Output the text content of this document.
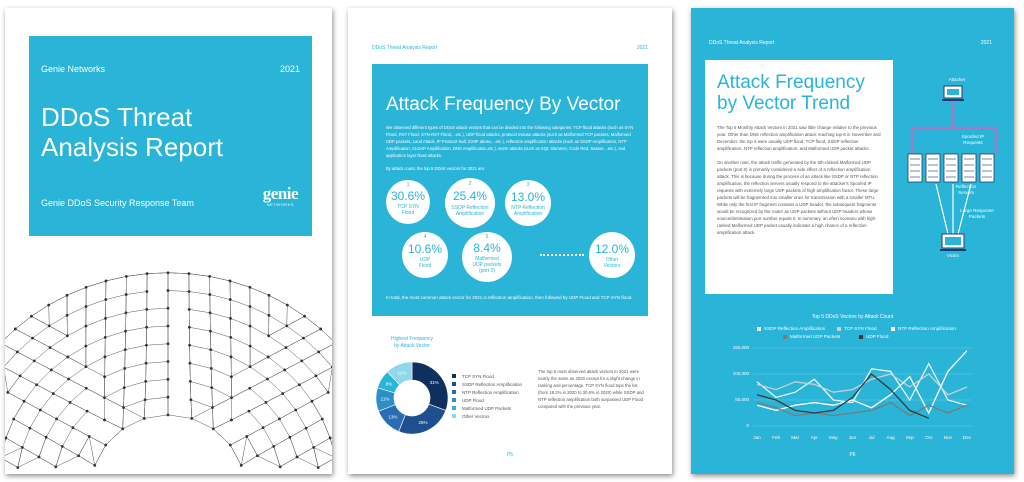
Genie Networks	2021
DDoS Threat
Analysis Report
Genie DDoS Security Response Team	genie
NETWORKS
DDoS Threat Analysis Report	2021
Attack Frequency By Vector
We observed different types of DDoS attack vectors that can be divided into the following categories: TCP flood attacks (such as SYN Flood, RST Flood, SYN-RST Flood,...etc.), UDP flood attacks, protocol misuse attacks (such as Malformed TCP packets, Malformed UDP packets, Land Attack, IP Protocol Null, ICMP abuse,...etc.), reflection amplification attacks (such as SSDP Amplification, NTP Amplification, CLDAP Amplification, DNS Amplification,etc.), worm attacks (such as SQL Slammer, Code Red, Sasser,...etc.), and application layer flood attacks.
By attack count, the top 5 DDoS vectors for 2021 are:
1
30.6%
TCP SYN
Flood
2
25.4%
SSDP Reflection
Amplification
3
13.0%
NTP Reflection
Amplification
4
10.6%
UDP
Flood
5
8.4%
Malformed
UDP packets
(port 0)
12.0%
Other
Vectors
In total, the most common attack vector for 2021 is reflection amplification, then followed by UDP Flood and TCP SYN flood.
Highest Frequency
by Attack Vector
31%
25%
13%
11%
8%
12%
TCP SYN Flood
SSDP Reflection Amplification
NTP Reflection Amplification
UDP Flood
Malformed UDP Packets
Other Vectors
The top 5 most observed attack vectors in 2021 were nearly the same as 2020 except for a slight change in ranking and percentage. TCP SYN flood tops the list (from 18.2% in 2020 to 30.6% in 2020) while SSDP and NTP reflection amplification both surpassed UDP Flood compared with the previous year.
P5
DDoS Threat Analysis Report	2021
Attack Frequency
by Vector Trend

The Top 5 Monthly Attack Vectors in 2021 saw little change relative to the previous year. Other than DNS reflection amplification attack reaching top-5 in November and December, the top 5 were usually UDP flood, TCP flood, SSDP reflection amplification, NTP reflection amplification, and Malformed UDP packet attacks.

On another note, the attack traffic generated by the 5th-ranked Malformed UDP packets (port 0) is primarily considered a side effect of a reflection amplification attack. This is because during the process of an attack like SSDP or NTP reflection amplification, the reflection servers usually respond to the attacker's Spoofed IP requests with extremely large UDP packets of high amplification factor. These large packets will be fragmented into smaller ones for transmission with a smaller MTU. While only the first IP fragment contains a UDP header, the subsequent fragments would be recognized by the router as UDP packets without UDP headers whose source/destination port number equals 0. In summary, an often scenario with high-ranked Malformed UDP packet usually indicates a high chance of a reflection amplification attack.

Attacker
Spoofed IP
Requests
Reflection
Servers
Large Response
Packets
Victim
Top 5 DDoS Vectors by Attack Count
SSDP Reflection Amplification	TCP SYN Flood	NTP Reflection Amplification
Malformed UDP Packets	UDP Flood
150,000
100,000
50,000
0
Jan	Feb	Mar	Apr	May	Jun	Jul	Aug	Sep	Oct	Nov	Dec
P6
